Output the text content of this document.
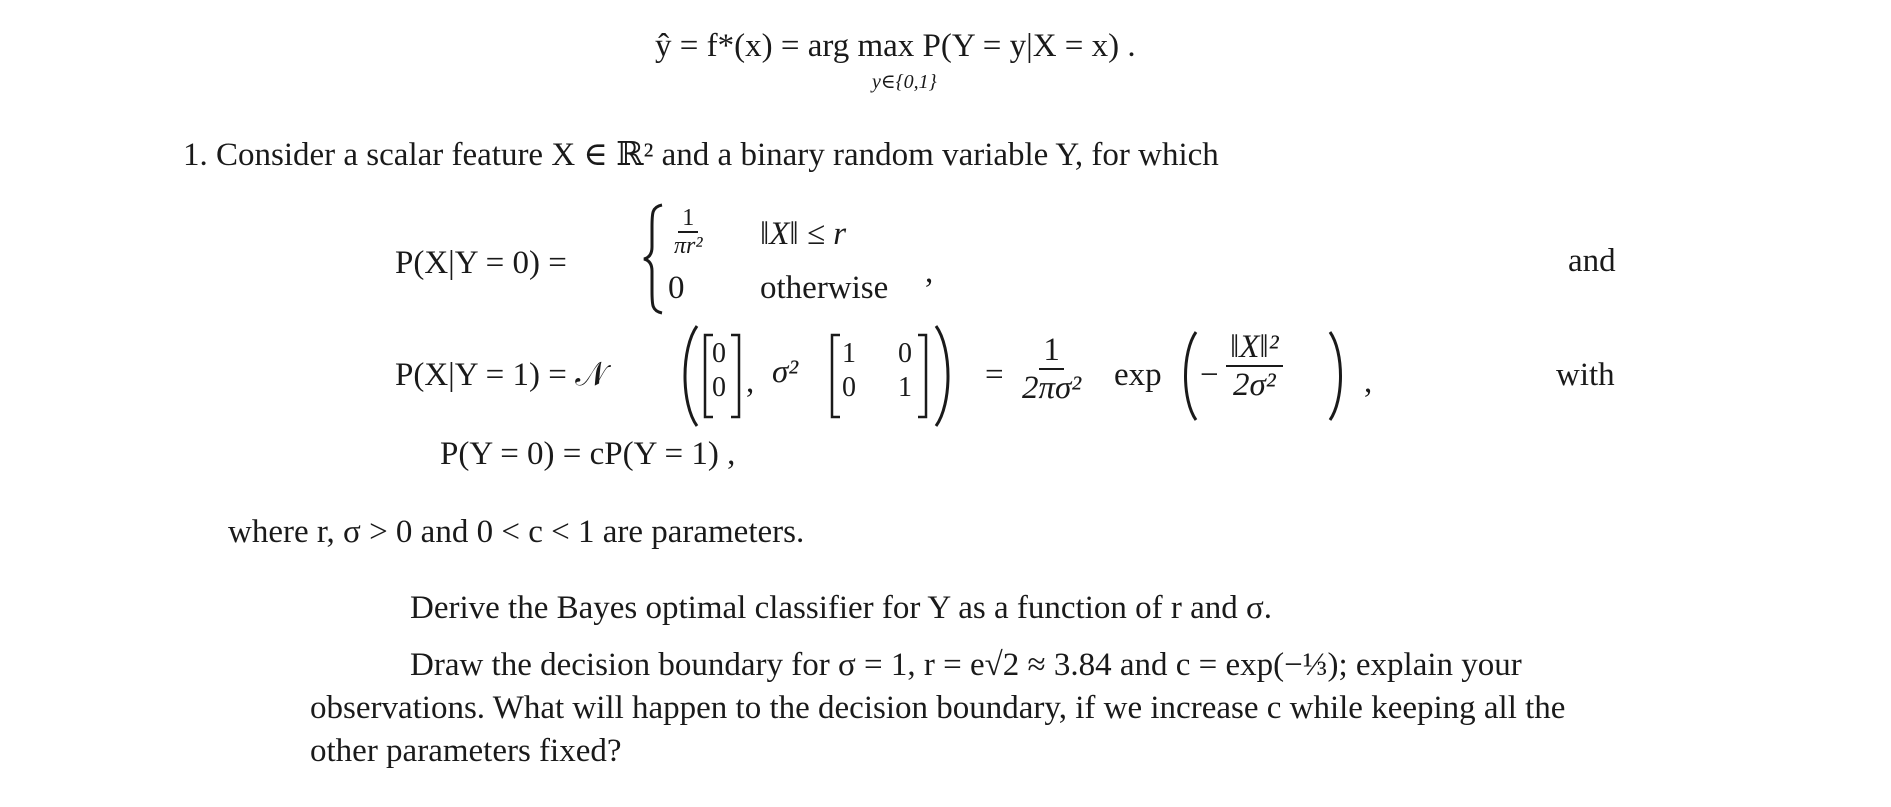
ŷ = f*(x) = arg max P(Y = y|X = x) .
y∈{0,1}
1. Consider a scalar feature X ∈ ℝ² and a binary random variable Y, for which
P(X|Y = 0) =
$\frac{1}{\text{πr²}}$ ‖X‖ ≤ r
0 otherwise ,	and
P(X|Y = 1) = 𝒩
0
0 , σ²
1
0
0
$1 = \frac{1}{\text{2πσ²}}$ $\exp - \frac{\text{‖X‖²}}{\text{2σ²}}$ ,	with
P(Y = 0) = cP(Y = 1) ,
where r, σ > 0 and 0 < c < 1 are parameters.
Derive the Bayes optimal classifier for Y as a function of r and σ.
Draw the decision boundary for σ = 1, r = e√2 ≈ 3.84 and c = exp(−⅓); explain your
observations. What will happen to the decision boundary, if we increase c while keeping all the
other parameters fixed?
